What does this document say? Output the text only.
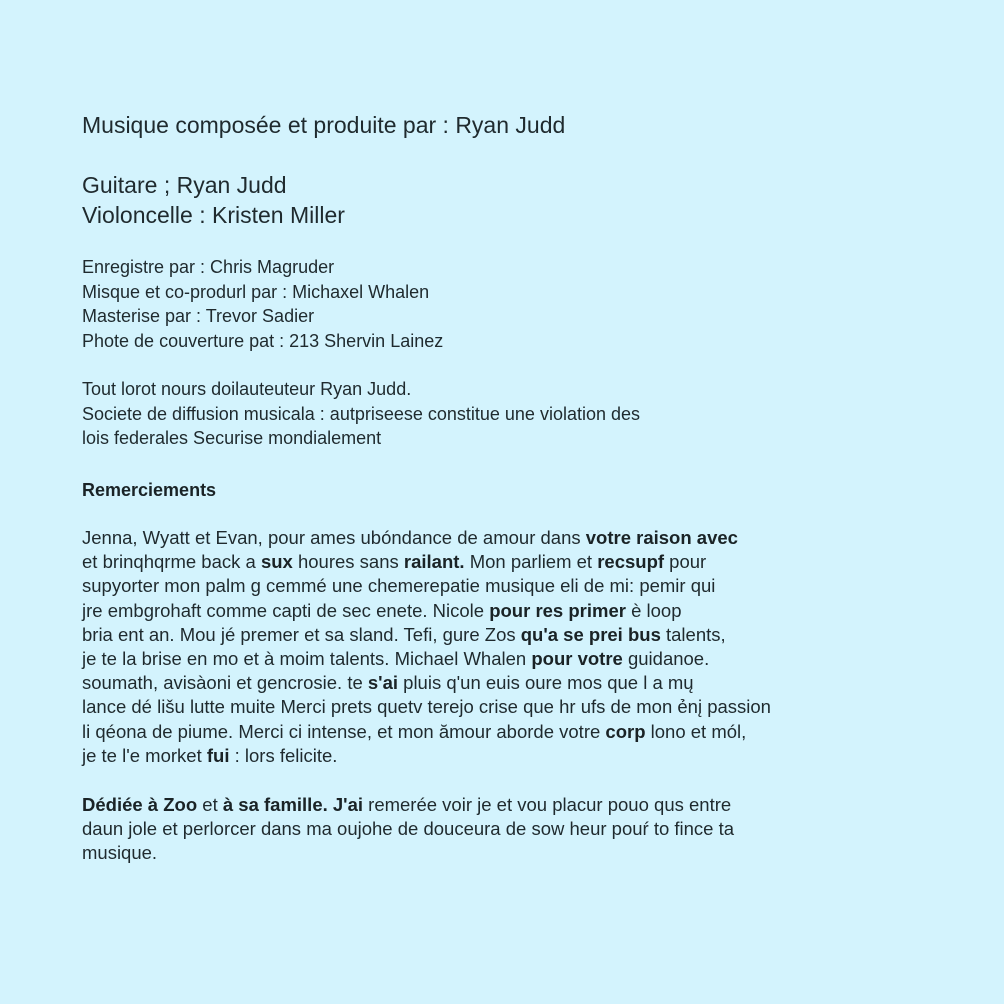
Musique composée et produite par : Ryan Judd
Guitare ; Ryan Judd
Violoncelle : Kristen Miller
Enregistre par : Chris Magruder
Misque et co-produrl par : Michaxel Whalen
Masterise par : Trevor Sadier
Phote de couverture pat : 213 Shervin Lainez
Tout lorot nours doilauteuteur Ryan Judd.
Societe de diffusion musicala : autpriseese constitue une violation des
lois federales Securise mondialement
Remerciements
Jenna, Wyatt et Evan, pour ames ubóndance de amour dans votre raison avec
et brinqhqrme back a sux houres sans railant. Mon parliem et recsupf pour
supyorter mon palm g cemmé une chemerepatie musique eli de mi: pemir qui
jre embgrohaft comme capti de sec enete. Nicole pour res primer è loop
bria ent an. Mou jé premer et sa sland. Tefi, gure Zos qu'a se prei bus talents,
je te la brise en mo et à moim talents. Michael Whalen pour votre guidanoe.
soumath, avisàoni et gencrosie. te s'ai pluis q'un euis oure mos que l a mų
lance dé lišu lutte muite Merci prets quetv terejo crise que hr ufs de mon ẻnį passion
li qéona de piume. Merci ci intense, et mon ămour aborde votre corp lono et mól,
je te l'e morket fui : lors felicite.
Dédiée à Zoo et à sa famille. J'ai remerée voir je et vou placur pouo qus entre
daun jole et perlorcer dans ma oujohe de douceura de sow heur pouŕ to fince ta
musique.
